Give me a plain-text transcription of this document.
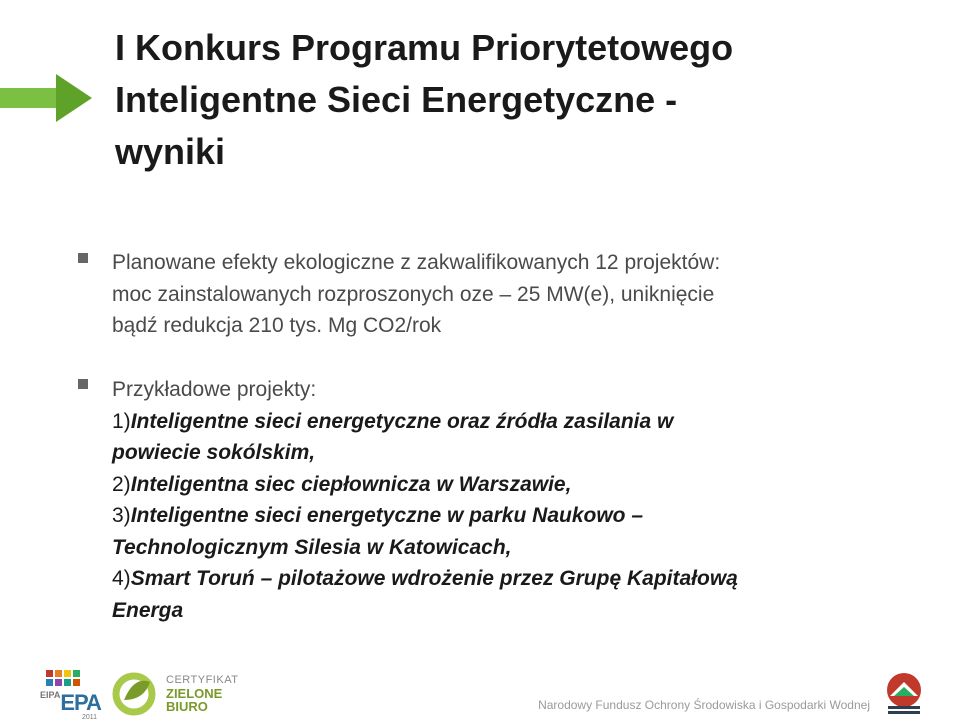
I Konkurs Programu Priorytetowego
Inteligentne Sieci Energetyczne -
wyniki
Planowane efekty ekologiczne z zakwalifikowanych 12 projektów:
moc zainstalowanych rozproszonych oze – 25 MW(e), uniknięcie
bądź redukcja 210 tys. Mg CO2/rok
Przykładowe projekty:
1)Inteligentne sieci energetyczne oraz źródła zasilania w
powiecie sokólskim,
2)Inteligentna siec ciepłownicza w Warszawie,
3)Inteligentne sieci energetyczne w parku Naukowo –
Technologicznym Silesia w Katowicach,
4)Smart Toruń – pilotażowe wdrożenie przez Grupę Kapitałową
Energa
$^{EIPA}$EPA
2011
CERTYFIKAT
ZIELONE
BIURO	Narodowy Fundusz Ochrony Środowiska i Gospodarki Wodnej
